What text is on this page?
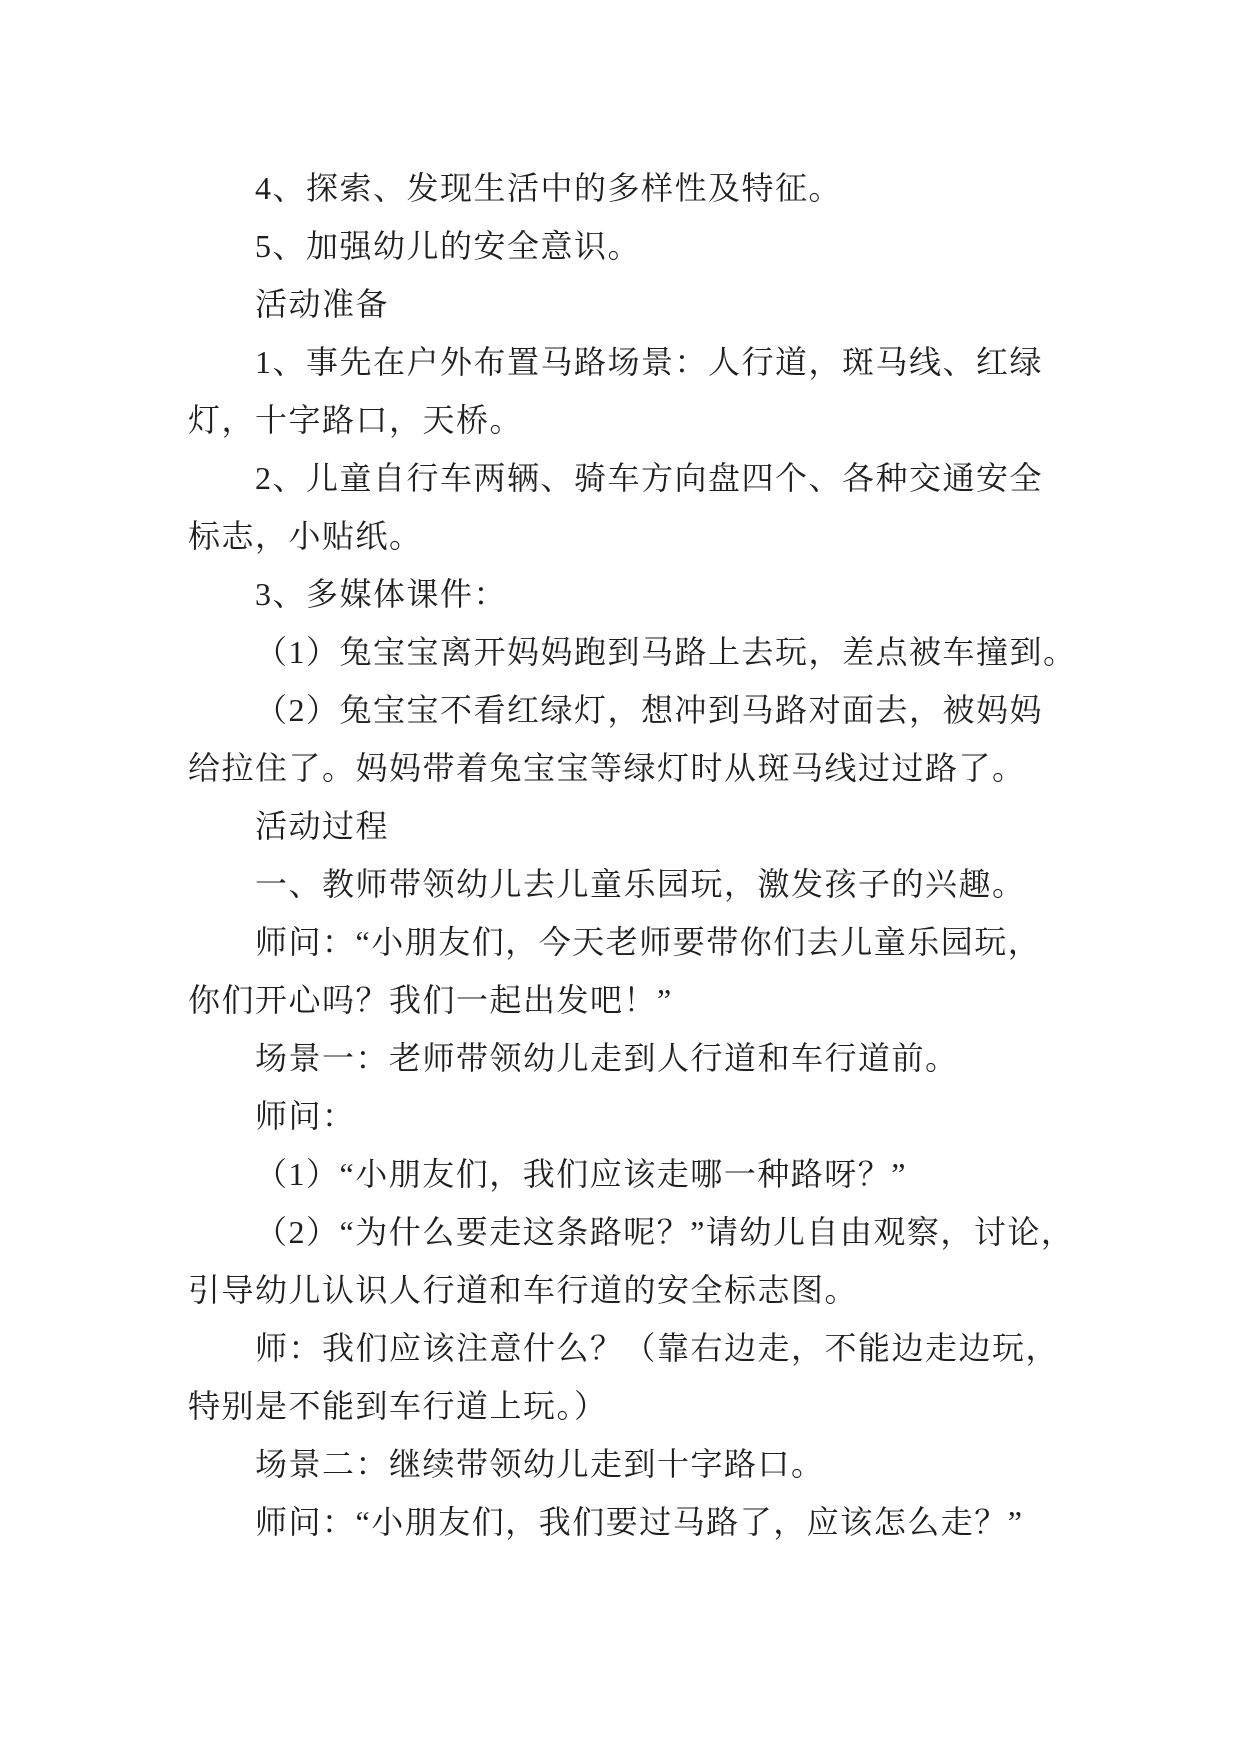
4、探索、发现生活中的多样性及特征。
5、加强幼儿的安全意识。
活动准备
1、事先在户外布置马路场景：人行道，斑马线、红绿
灯，十字路口，天桥。
2、儿童自行车两辆、骑车方向盘四个、各种交通安全
标志，小贴纸。
3、多媒体课件：
（1）兔宝宝离开妈妈跑到马路上去玩，差点被车撞到。
（2）兔宝宝不看红绿灯，想冲到马路对面去，被妈妈
给拉住了。妈妈带着兔宝宝等绿灯时从斑马线过过路了。
活动过程
一、教师带领幼儿去儿童乐园玩，激发孩子的兴趣。
师问：“小朋友们，今天老师要带你们去儿童乐园玩，
你们开心吗？我们一起出发吧！”
场景一：老师带领幼儿走到人行道和车行道前。
师问：
（1）“小朋友们，我们应该走哪一种路呀？”
（2）“为什么要走这条路呢？”请幼儿自由观察，讨论，
引导幼儿认识人行道和车行道的安全标志图。
师：我们应该注意什么？（靠右边走，不能边走边玩，
特别是不能到车行道上玩。）
场景二：继续带领幼儿走到十字路口。
师问：“小朋友们，我们要过马路了，应该怎么走？”
